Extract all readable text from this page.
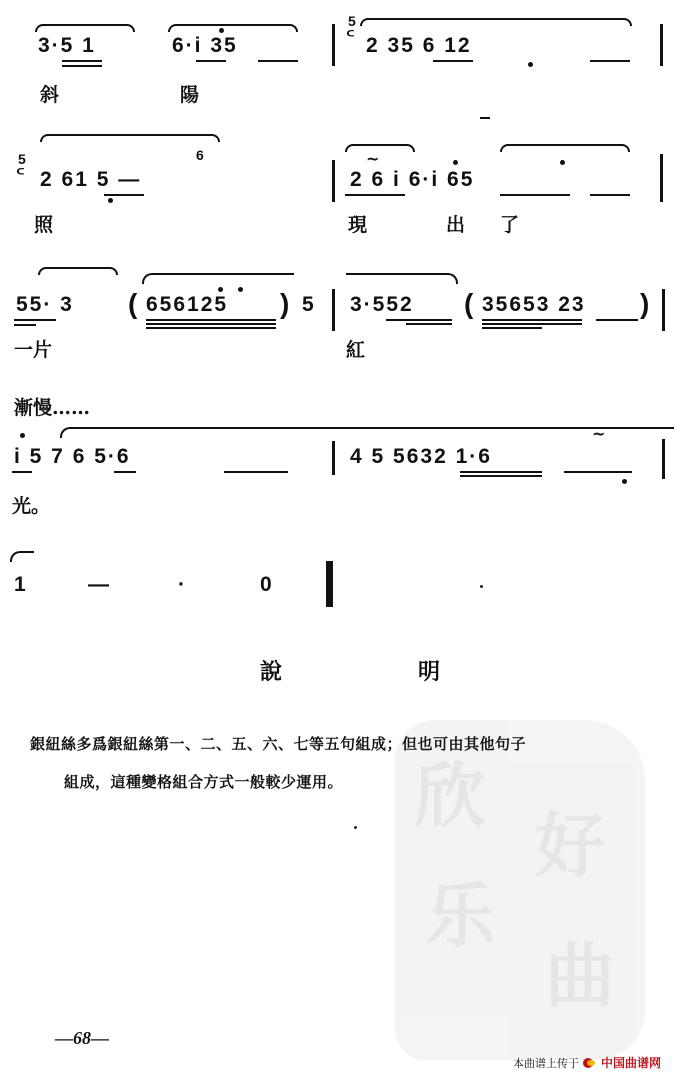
欣
好
乐
曲
3·5 1	6·i 35
5
ᒼ 2 35 6 12
斜	陽
5
ᒼ 2 61 5 —
6	~
2 6 i 6·i 65
照	現	出 了
55· 3 ( 656125 ) 5 3·552 ( 35653 23 )
一片	紅
漸慢……
i 5 7 6 5·6	4 5 5632 1·6
~
光。
1	—	·	0
說	明
銀紐絲多爲銀紐絲第一、二、五、六、七等五句組成；但也可由其他句子
組成，這種變格組合方式一般較少運用。
—68—
本曲谱上传于 中国曲谱网
